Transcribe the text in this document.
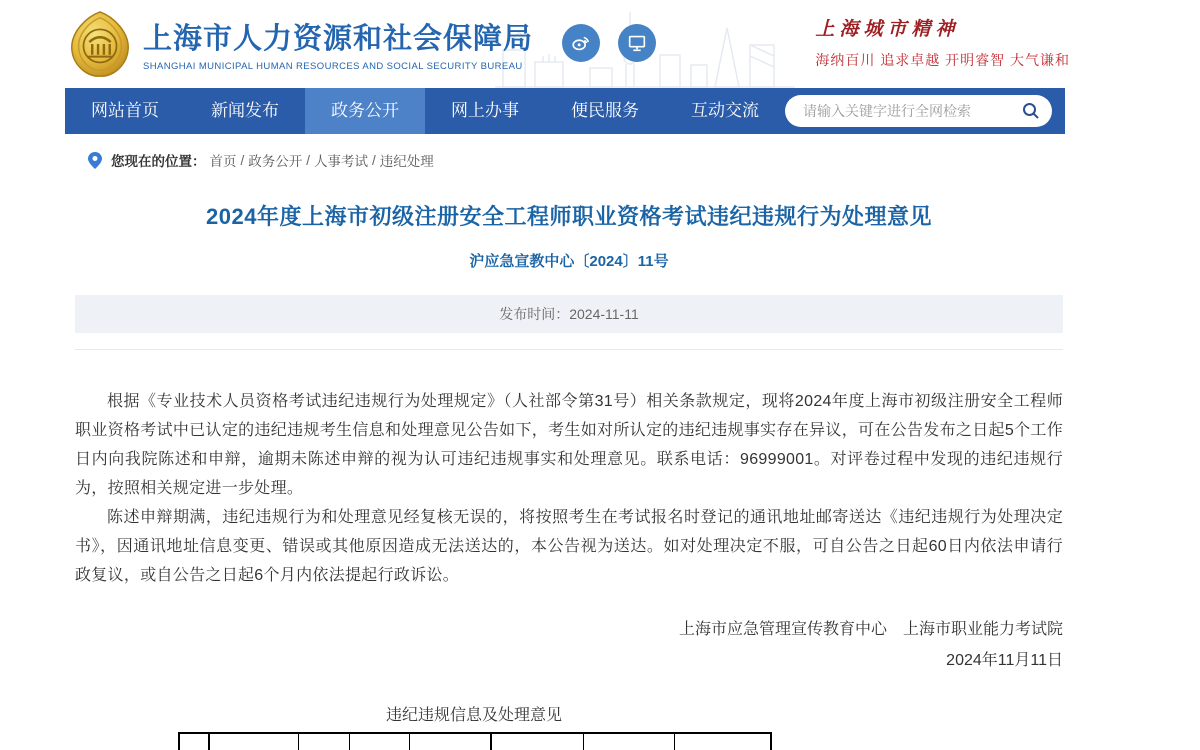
上海市人力资源和社会保障局
SHANGHAI MUNICIPAL HUMAN RESOURCES AND SOCIAL SECURITY BUREAU
上海城市精神
海纳百川 追求卓越 开明睿智 大气谦和
网站首页	新闻发布	政务公开	网上办事	便民服务	互动交流
请输入关键字进行全网检索
您现在的位置： 首页 / 政务公开 / 人事考试 / 违纪处理
2024年度上海市初级注册安全工程师职业资格考试违纪违规行为处理意见
沪应急宣教中心〔2024〕11号
发布时间：2024-11-11

根据《专业技术人员资格考试违纪违规行为处理规定》（人社部令第31号）相关条款规定，现将2024年度上海市初级注册安全工程师职业资格考试中已认定的违纪违规考生信息和处理意见公告如下，考生如对所认定的违纪违规事实存在异议，可在公告发布之日起5个工作日内向我院陈述和申辩，逾期未陈述申辩的视为认可违纪违规事实和处理意见。联系电话：96999001。对评卷过程中发现的违纪违规行为，按照相关规定进一步处理。

陈述申辩期满，违纪违规行为和处理意见经复核无误的，将按照考生在考试报名时登记的通讯地址邮寄送达《违纪违规行为处理决定书》，因通讯地址信息变更、错误或其他原因造成无法送达的，本公告视为送达。如对处理决定不服，可自公告之日起60日内依法申请行政复议，或自公告之日起6个月内依法提起行政诉讼。

上海市应急管理宣传教育中心　上海市职业能力考试院
2024年11月11日
违纪违规信息及处理意见
